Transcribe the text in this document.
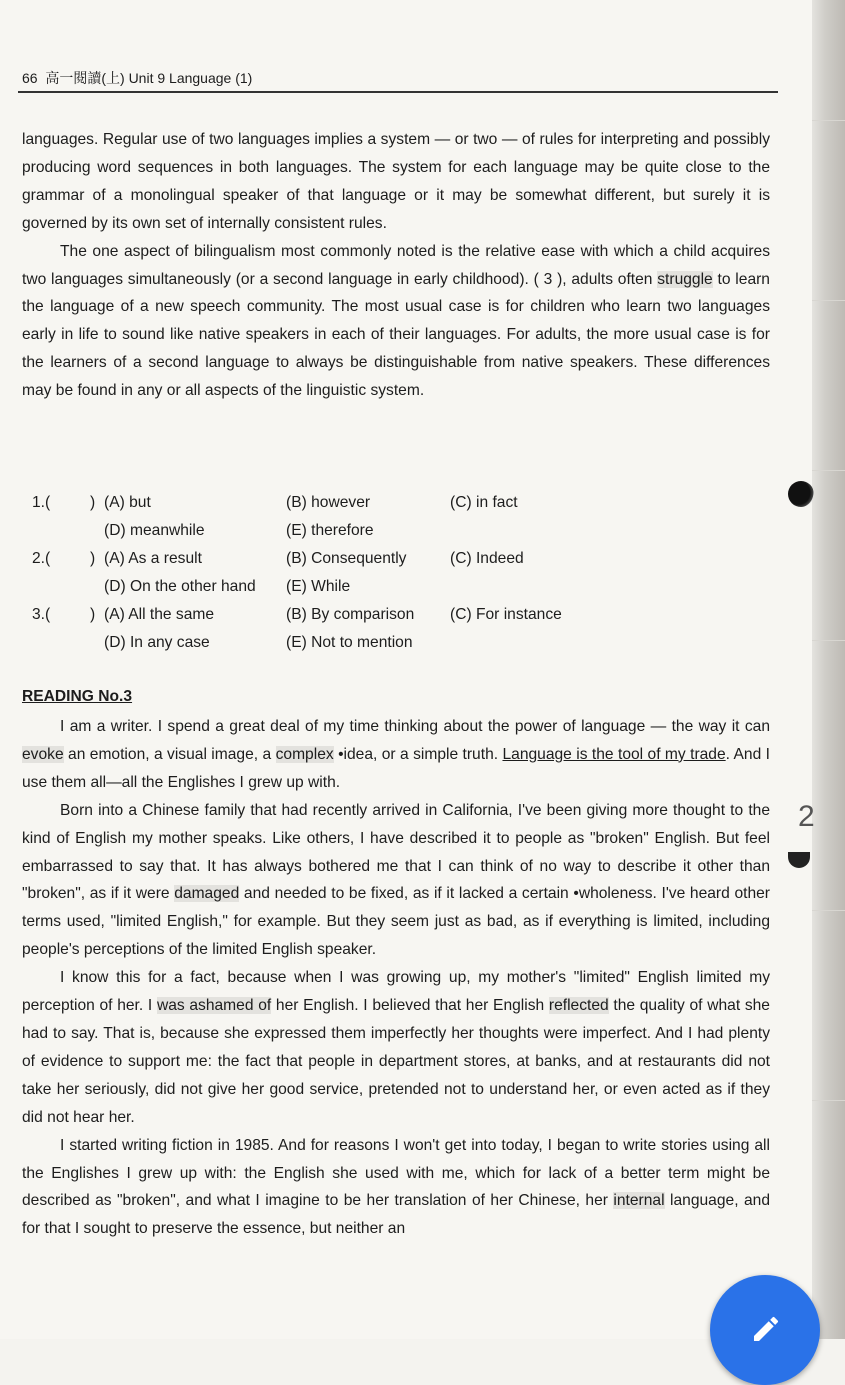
66 高一閱讀(上) Unit 9 Language (1)

languages. Regular use of two languages implies a system — or two — of rules for interpreting and possibly producing word sequences in both languages. The system for each language may be quite close to the grammar of a monolingual speaker of that language or it may be somewhat different, but surely it is governed by its own set of internally consistent rules.

The one aspect of bilingualism most commonly noted is the relative ease with which a child acquires two languages simultaneously (or a second language in early childhood). ( 3 ), adults often struggle to learn the language of a new speech community. The most usual case is for children who learn two languages early in life to sound like native speakers in each of their languages. For adults, the more usual case is for the learners of a second language to always be distinguishable from native speakers. These differences may be found in any or all aspects of the linguistic system.

1.(	) (A) but	(B) however	(C) in fact
(D) meanwhile	(E) therefore
2.(	) (A) As a result	(B) Consequently	(C) Indeed
(D) On the other hand (E) While
3.(	) (A) All the same	(B) By comparison (C) For instance
(D) In any case	(E) Not to mention
READING No.3

I am a writer. I spend a great deal of my time thinking about the power of language — the way it can evoke an emotion, a visual image, a complex •idea, or a simple truth. Language is the tool of my trade. And I use them all—all the Englishes I grew up with.

Born into a Chinese family that had recently arrived in California, I've been giving more thought to the kind of English my mother speaks. Like others, I have described it to people as "broken" English. But feel embarrassed to say that. It has always bothered me that I can think of no way to describe it other than "broken", as if it were damaged and needed to be fixed, as if it lacked a certain •wholeness. I've heard other terms used, "limited English," for example. But they seem just as bad, as if everything is limited, including people's perceptions of the limited English speaker.

I know this for a fact, because when I was growing up, my mother's "limited" English limited my perception of her. I was ashamed of her English. I believed that her English reflected the quality of what she had to say. That is, because she expressed them imperfectly her thoughts were imperfect. And I had plenty of evidence to support me: the fact that people in department stores, at banks, and at restaurants did not take her seriously, did not give her good service, pretended not to understand her, or even acted as if they did not hear her.

I started writing fiction in 1985. And for reasons I won't get into today, I began to write stories using all the Englishes I grew up with: the English she used with me, which for lack of a better term might be described as "broken", and what I imagine to be her translation of her Chinese, her internal language, and for that I sought to preserve the essence, but neither an

2
